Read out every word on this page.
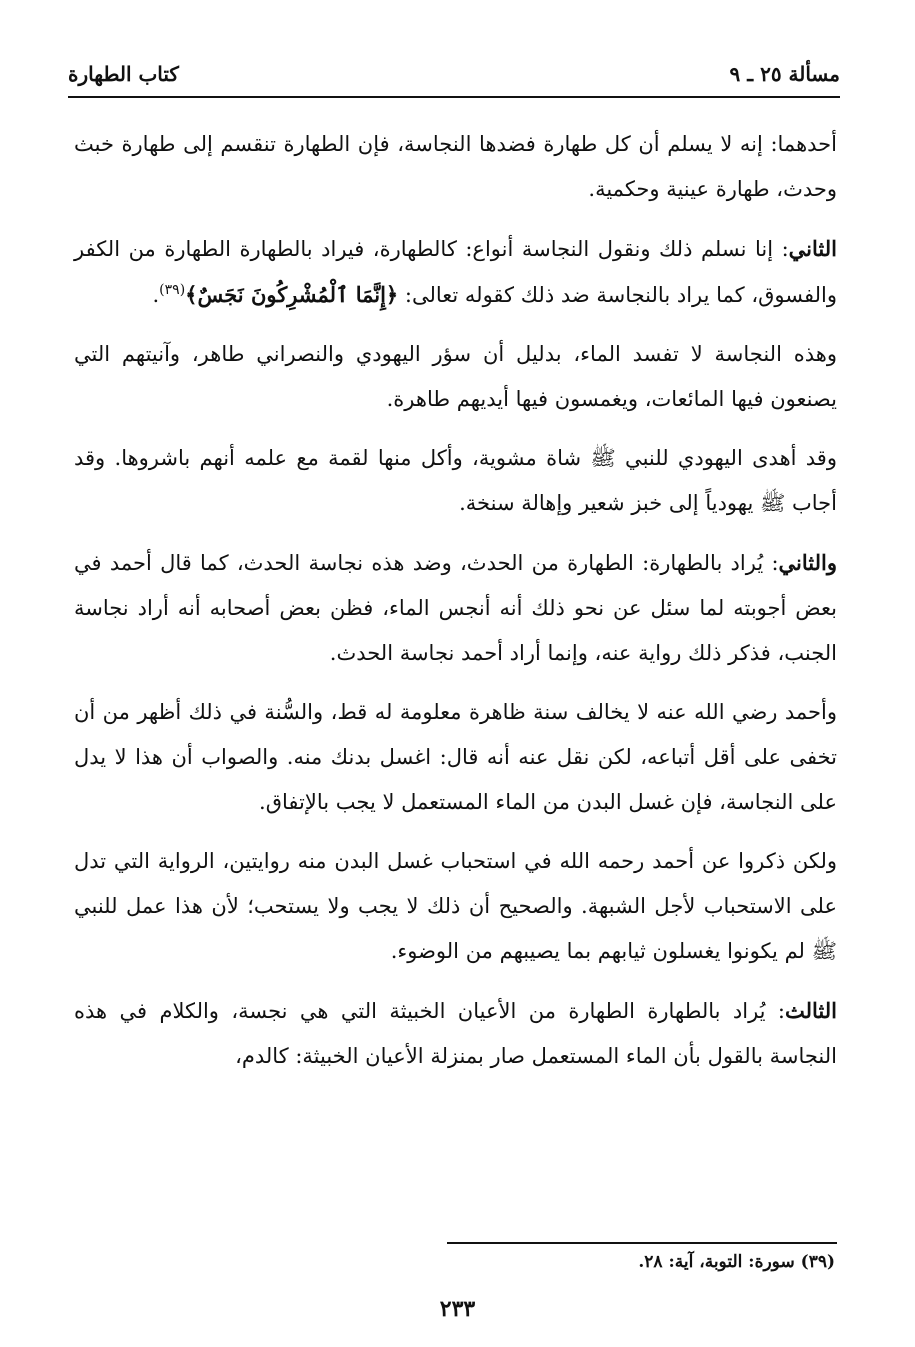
مسألة ٢٥ ـ ٩
كتاب الطهارة

أحدهما: إنه لا يسلم أن كل طهارة فضدها النجاسة، فإن الطهارة تنقسم إلى طهارة خبث وحدث، طهارة عينية وحكمية.

الثاني: إنا نسلم ذلك ونقول النجاسة أنواع: كالطهارة، فيراد بالطهارة الطهارة من الكفر والفسوق، كما يراد بالنجاسة ضد ذلك كقوله تعالى: ﴿إِنَّمَا ٱلْمُشْرِكُونَ نَجَسٌ﴾$^{(٣٩)}$.

وهذه النجاسة لا تفسد الماء، بدليل أن سؤر اليهودي والنصراني طاهر، وآنيتهم التي يصنعون فيها المائعات، ويغمسون فيها أيديهم طاهرة.

وقد أهدى اليهودي للنبي ﷺ شاة مشوية، وأكل منها لقمة مع علمه أنهم باشروها. وقد أجاب ﷺ يهودياً إلى خبز شعير وإهالة سنخة.

والثاني: يُراد بالطهارة: الطهارة من الحدث، وضد هذه نجاسة الحدث، كما قال أحمد في بعض أجوبته لما سئل عن نحو ذلك أنه أنجس الماء، فظن بعض أصحابه أنه أراد نجاسة الجنب، فذكر ذلك رواية عنه، وإنما أراد أحمد نجاسة الحدث.

وأحمد رضي الله عنه لا يخالف سنة ظاهرة معلومة له قط، والسُّنة في ذلك أظهر من أن تخفى على أقل أتباعه، لكن نقل عنه أنه قال: اغسل بدنك منه. والصواب أن هذا لا يدل على النجاسة، فإن غسل البدن من الماء المستعمل لا يجب بالإتفاق.

ولكن ذكروا عن أحمد رحمه الله في استحباب غسل البدن منه روايتين، الرواية التي تدل على الاستحباب لأجل الشبهة. والصحيح أن ذلك لا يجب ولا يستحب؛ لأن هذا عمل للنبي ﷺ لم يكونوا يغسلون ثيابهم بما يصيبهم من الوضوء.

الثالث: يُراد بالطهارة الطهارة من الأعيان الخبيثة التي هي نجسة، والكلام في هذه النجاسة بالقول بأن الماء المستعمل صار بمنزلة الأعيان الخبيثة: كالدم،

(٣٩) سورة: التوبة، آية: ٢٨.
٢٣٣
